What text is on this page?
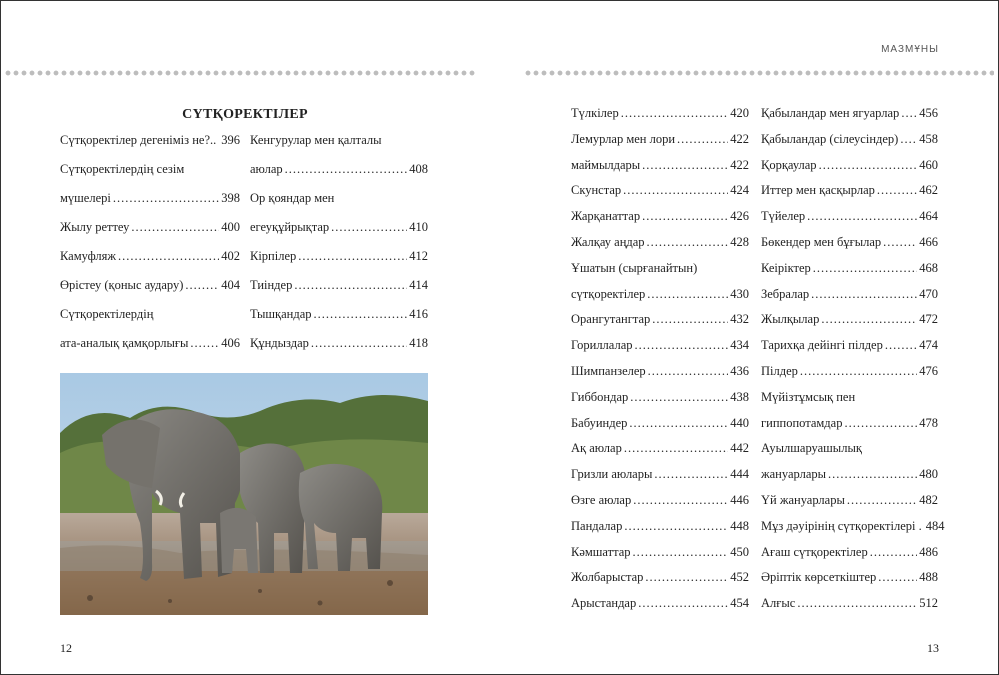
МАЗМҰНЫ
СҮТҚОРЕКТІЛЕР
Сүтқоректілер дегеніміз не?.. 396
Сүтқоректілердің сезім
мүшелері .....	398
Жылу реттеу .....	400
Камуфляж .....	402
Өрістеу (қоныс аудару) .....	404
Сүтқоректілердің
ата-аналық қамқорлығы .....	406
Кенгурулар мен қалталы
аюлар .....	408
Ор қояндар мен
егеуқұйрықтар .....	410
Кірпілер .....	412
Тиіндер .....	414
Тышқандар .....	416
Құндыздар .....	418
Түлкілер .....	420
Лемурлар мен лори .....	422
маймылдары .....	422
Скунстар .....	424
Жарқанаттар .....	426
Жалқау аңдар .....	428
Ұшатын (сырғанайтын)
сүтқоректілер .....	430
Орангутангтар .....	432
Гориллалар .....	434
Шимпанзелер .....	436
Гиббондар .....	438
Бабуиндер .....	440
Ақ аюлар .....	442
Гризли аюлары .....	444
Өзге аюлар .....	446
Пандалар .....	448
Кәмшаттар .....	450
Жолбарыстар .....	452
Арыстандар .....	454
Қабыландар мен ягуарлар ..... 456
Қабыландар (сілеусіндер) ..... 458
Қорқаулар .....	460
Иттер мен қасқырлар .....	462
Түйелер .....	464
Бөкендер мен бұғылар .....	466
Кеіріктер .....	468
Зебралар .....	470
Жылқылар .....	472
Тарихқа дейінгі пілдер .....	474
Пілдер .....	476
Мүйізтұмсық пен
гиппопотамдар .....	478
Ауылшаруашылық
жануарлары .....	480
Үй жануарлары .....	482
Мұз дәуірінің сүтқоректілері . 484
Ағаш сүтқоректілер .....	486
Әріптік көрсеткіштер .....	488
Алғыс .....	512
12	13
